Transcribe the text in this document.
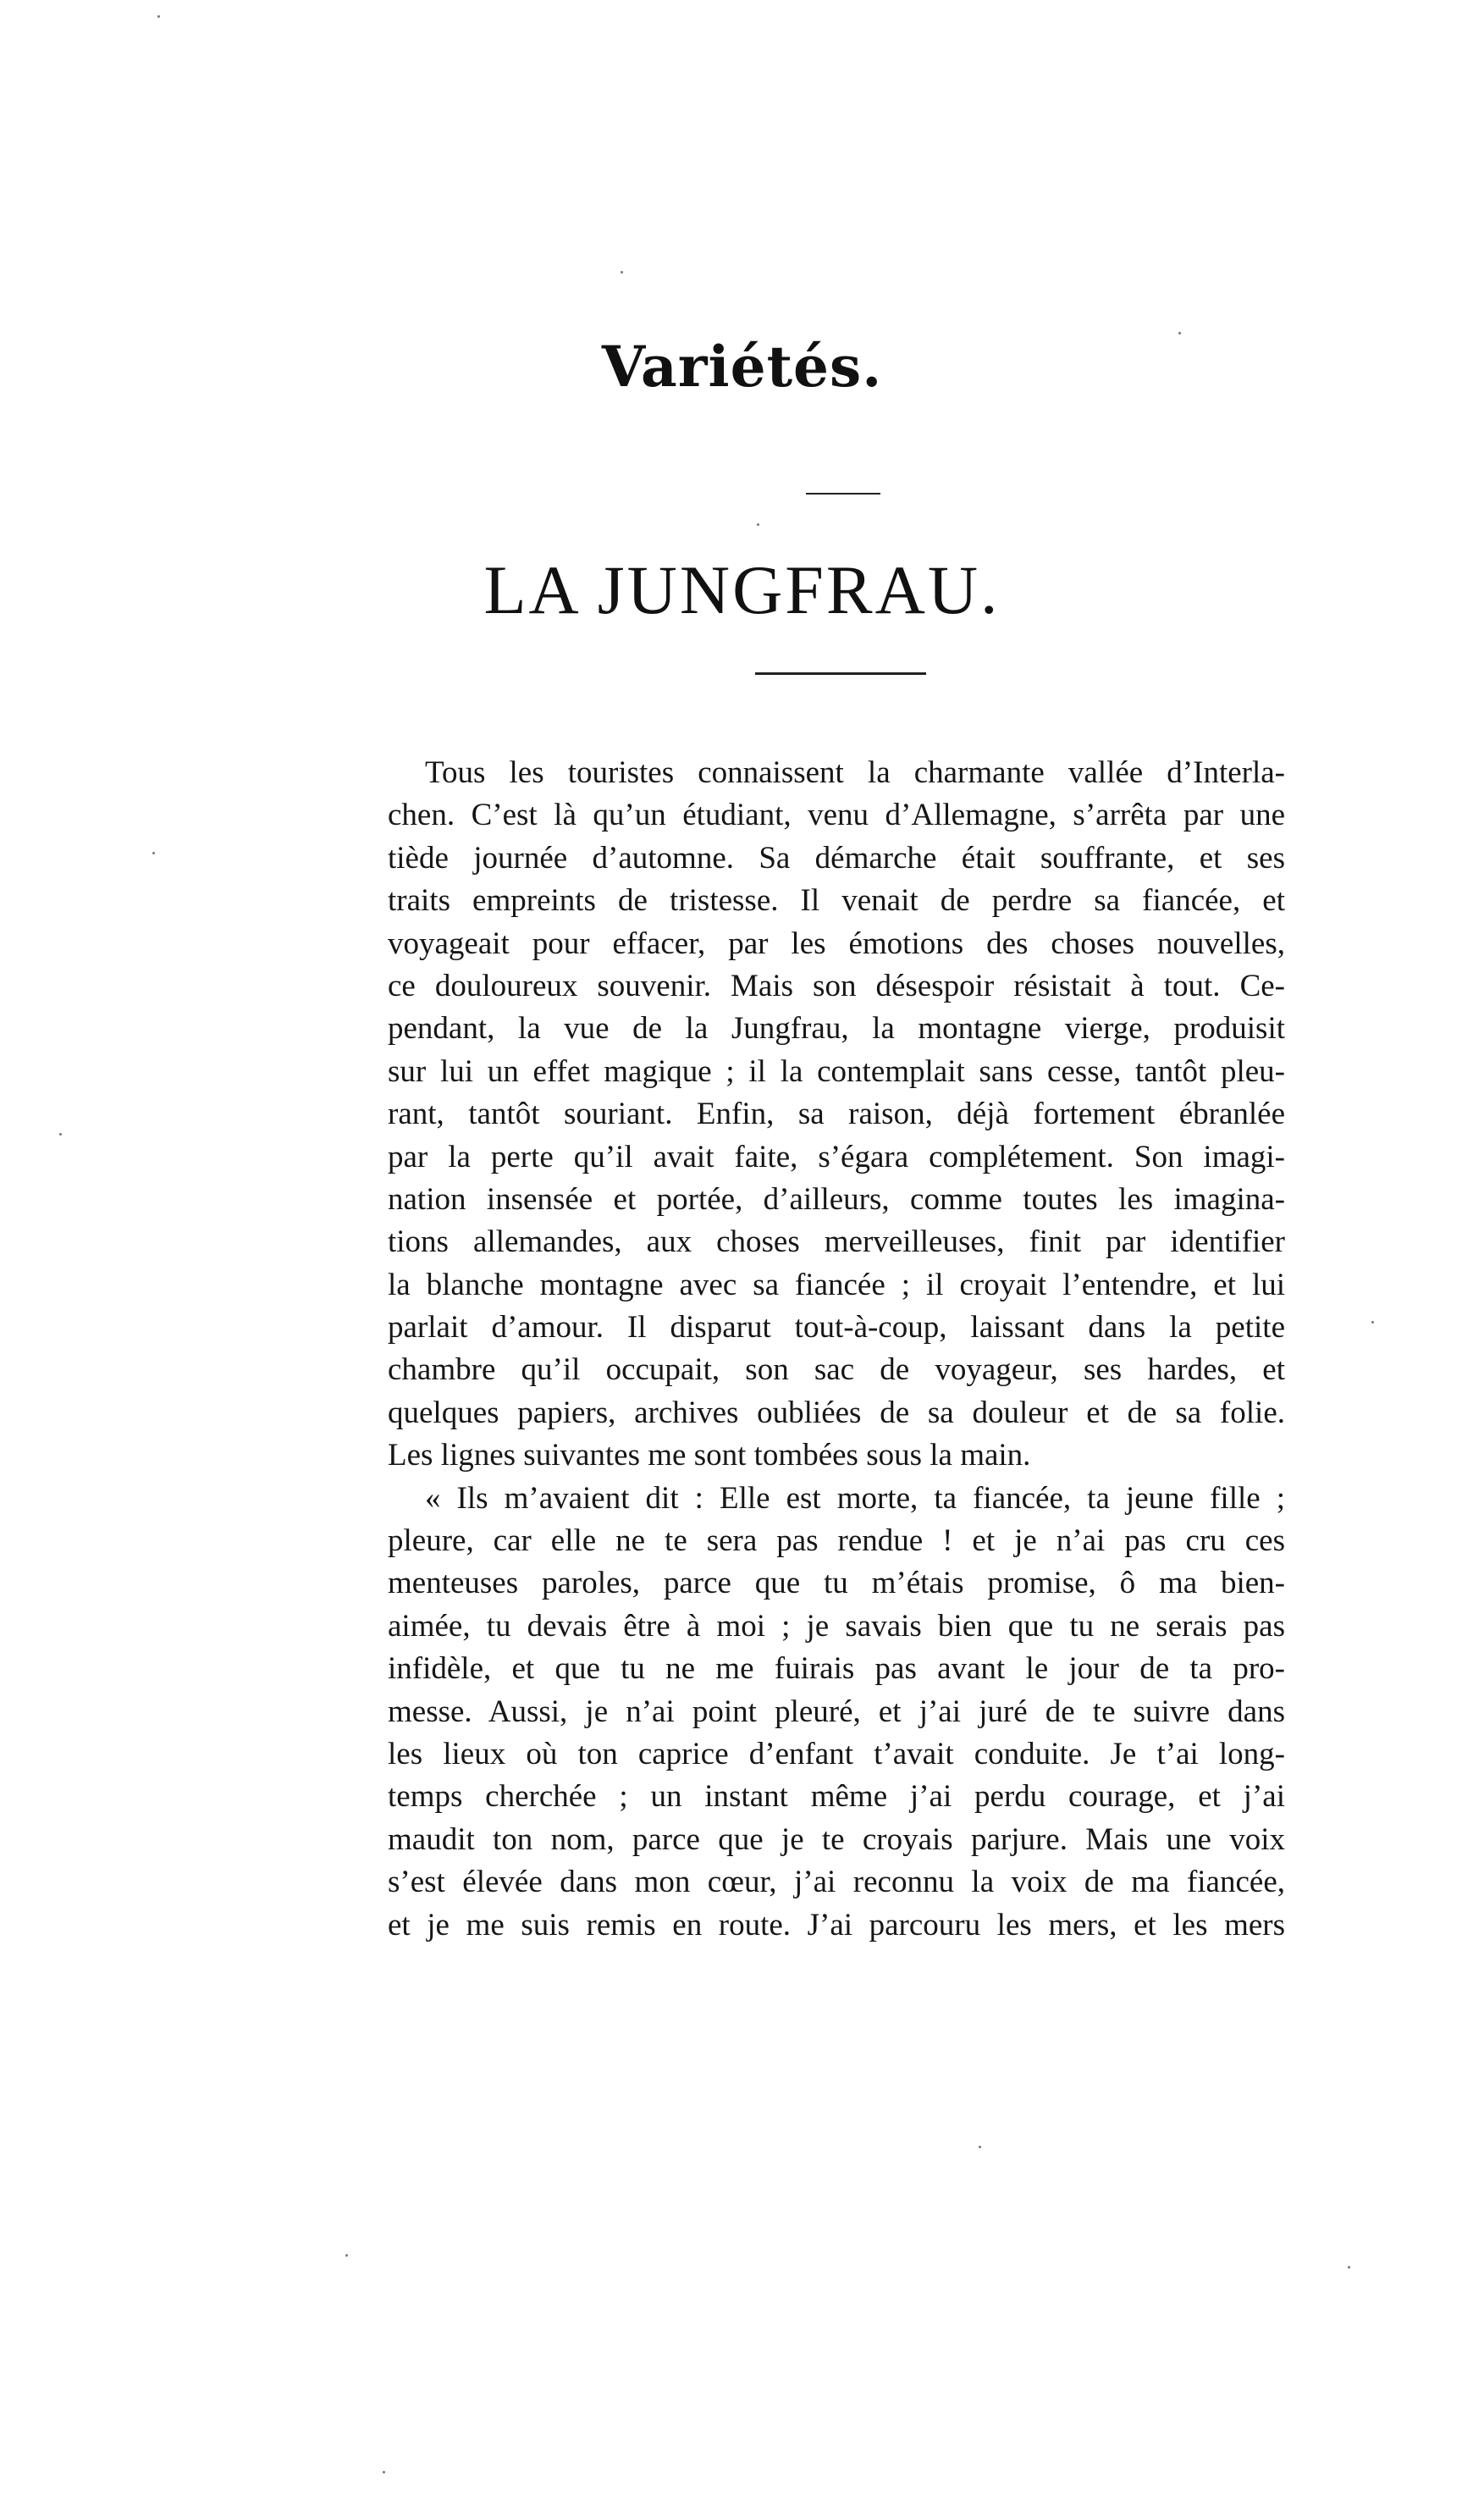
Variétés.
LA JUNGFRAU.
Tous les touristes connaissent la charmante vallée d’Interla-
chen. C’est là qu’un étudiant, venu d’Allemagne, s’arrêta par une
tiède journée d’automne. Sa démarche était souffrante, et ses
traits empreints de tristesse. Il venait de perdre sa fiancée, et
voyageait pour effacer, par les émotions des choses nouvelles,
ce douloureux souvenir. Mais son désespoir résistait à tout. Ce-
pendant, la vue de la Jungfrau, la montagne vierge, produisit
sur lui un effet magique ; il la contemplait sans cesse, tantôt pleu-
rant, tantôt souriant. Enfin, sa raison, déjà fortement ébranlée
par la perte qu’il avait faite, s’égara complétement. Son imagi-
nation insensée et portée, d’ailleurs, comme toutes les imagina-
tions allemandes, aux choses merveilleuses, finit par identifier
la blanche montagne avec sa fiancée ; il croyait l’entendre, et lui
parlait d’amour. Il disparut tout-à-coup, laissant dans la petite
chambre qu’il occupait, son sac de voyageur, ses hardes, et
quelques papiers, archives oubliées de sa douleur et de sa folie.
Les lignes suivantes me sont tombées sous la main.
« Ils m’avaient dit : Elle est morte, ta fiancée, ta jeune fille ;
pleure, car elle ne te sera pas rendue ! et je n’ai pas cru ces
menteuses paroles, parce que tu m’étais promise, ô ma bien-
aimée, tu devais être à moi ; je savais bien que tu ne serais pas
infidèle, et que tu ne me fuirais pas avant le jour de ta pro-
messe. Aussi, je n’ai point pleuré, et j’ai juré de te suivre dans
les lieux où ton caprice d’enfant t’avait conduite. Je t’ai long-
temps cherchée ; un instant même j’ai perdu courage, et j’ai
maudit ton nom, parce que je te croyais parjure. Mais une voix
s’est élevée dans mon cœur, j’ai reconnu la voix de ma fiancée,
et je me suis remis en route. J’ai parcouru les mers, et les mers
